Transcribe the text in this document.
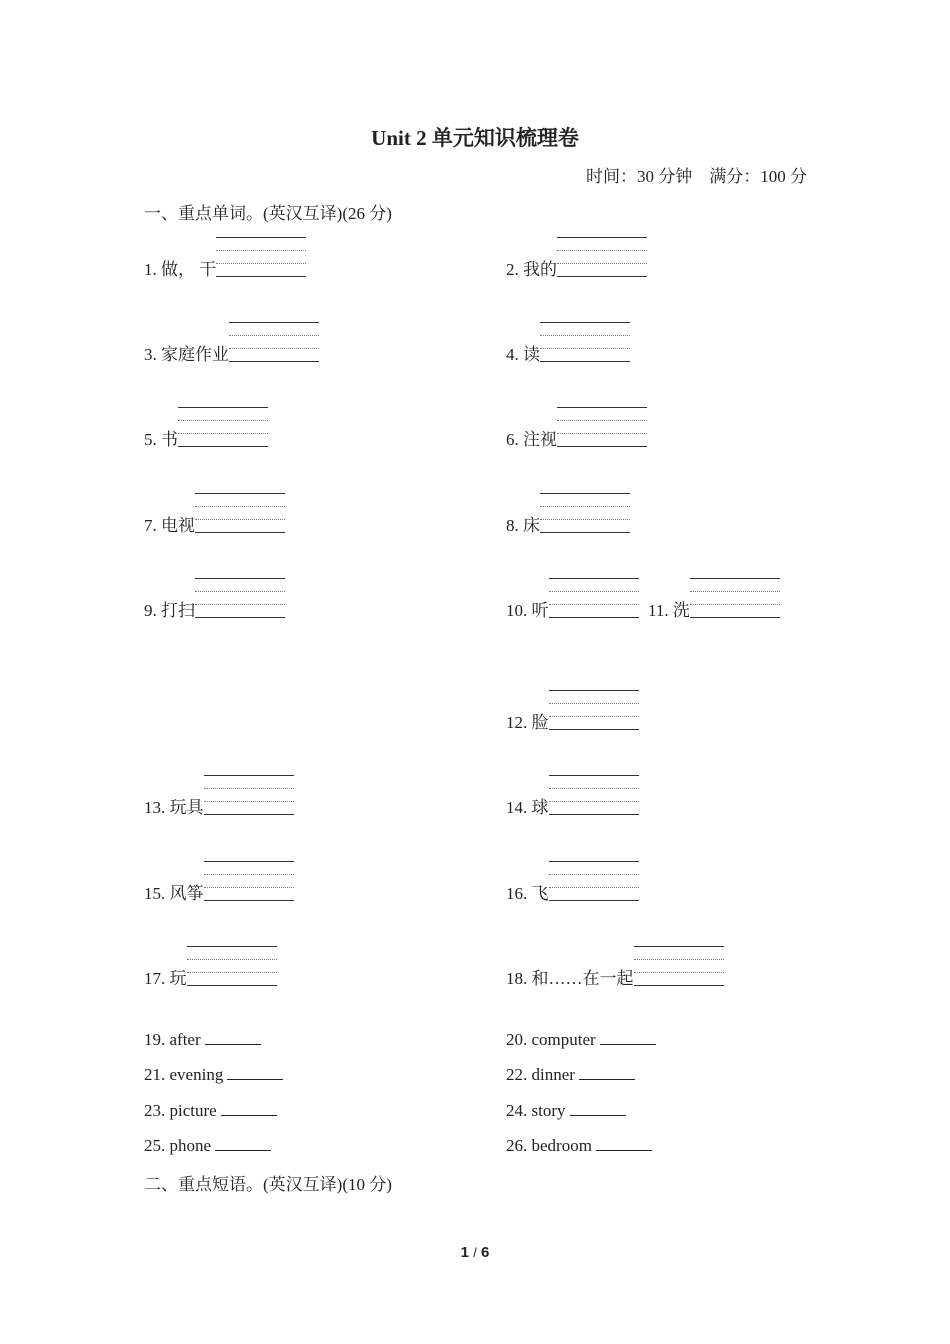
Unit 2 单元知识梳理卷
时间：30 分钟    满分：100 分
一、重点单词。(英汉互译)(26 分)
1. 做， 干	2. 我的
3. 家庭作业	4. 读
5. 书	6. 注视
7. 电视	8. 床
9. 打扫	10. 听	11. 洗
12. 脸
13. 玩具	14. 球
15. 风筝	16. 飞
17. 玩	18. 和……在一起
19. after	20. computer
21. evening	22. dinner
23. picture	24. story
25. phone	26. bedroom
二、重点短语。(英汉互译)(10 分)
1 / 6
